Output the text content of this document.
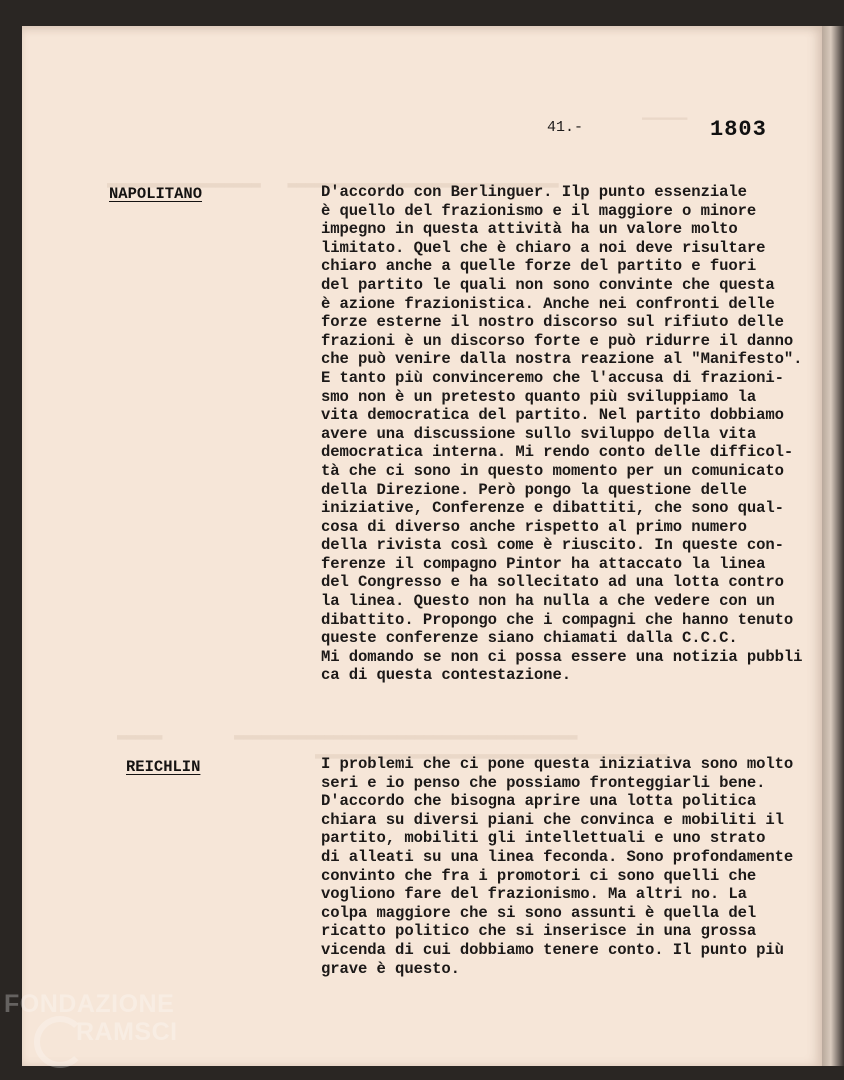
▁▁▁▁▁
▂▂▂▂▂▂▂▂▂▂▂▂▂▂▂▂▂   ▂▂▂▂▂▂▂▂▂▂▂▂▂▂▂▂▂▂▂▂▂▂▂▂▂▂▂▂▂▂
▂▂▂▂▂        ▂▂▂▂▂▂▂▂▂▂▂▂▂▂▂▂▂▂▂▂▂▂▂▂▂▂▂▂▂▂▂▂▂▂▂▂▂▂
▂▂▂▂▂▂▂▂▂▂▂▂▂▂▂▂▂▂▂▂▂▂▂▂▂▂▂▂▂▂▂▂▂▂▂▂▂▂▂
41.-	1803
NAPOLITANO	D'accordo con Berlinguer. Ilp punto essenziale
è quello del frazionismo e il maggiore o minore
impegno in questa attività ha un valore molto
limitato. Quel che è chiaro a noi deve risultare
chiaro anche a quelle forze del partito e fuori
del partito le quali non sono convinte che questa
è azione frazionistica. Anche nei confronti delle
forze esterne il nostro discorso sul rifiuto delle
frazioni è un discorso forte e può ridurre il danno
che può venire dalla nostra reazione al "Manifesto".
E tanto più convinceremo che l'accusa di frazioni-
smo non è un pretesto quanto più sviluppiamo la
vita democratica del partito. Nel partito dobbiamo
avere una discussione sullo sviluppo della vita
democratica interna. Mi rendo conto delle difficol-
tà che ci sono in questo momento per un comunicato
della Direzione. Però pongo la questione delle
iniziative, Conferenze e dibattiti, che sono qual-
cosa di diverso anche rispetto al primo numero
della rivista così come è riuscito. In queste con-
ferenze il compagno Pintor ha attaccato la linea
del Congresso e ha sollecitato ad una lotta contro
la linea. Questo non ha nulla a che vedere con un
dibattito. Propongo che i compagni che hanno tenuto
queste conferenze siano chiamati dalla C.C.C.
Mi domando se non ci possa essere una notizia pubbli
ca di questa contestazione.
REICHLIN	I problemi che ci pone questa iniziativa sono molto
seri e io penso che possiamo fronteggiarli bene.
D'accordo che bisogna aprire una lotta politica
chiara su diversi piani che convinca e mobiliti il
partito, mobiliti gli intellettuali e uno strato
di alleati su una linea feconda. Sono profondamente
convinto che fra i promotori ci sono quelli che
vogliono fare del frazionismo. Ma altri no. La
colpa maggiore che si sono assunti è quella del
ricatto politico che si inserisce in una grossa
vicenda di cui dobbiamo tenere conto. Il punto più
grave è questo.
FONDAZIONE
RAMSCI
